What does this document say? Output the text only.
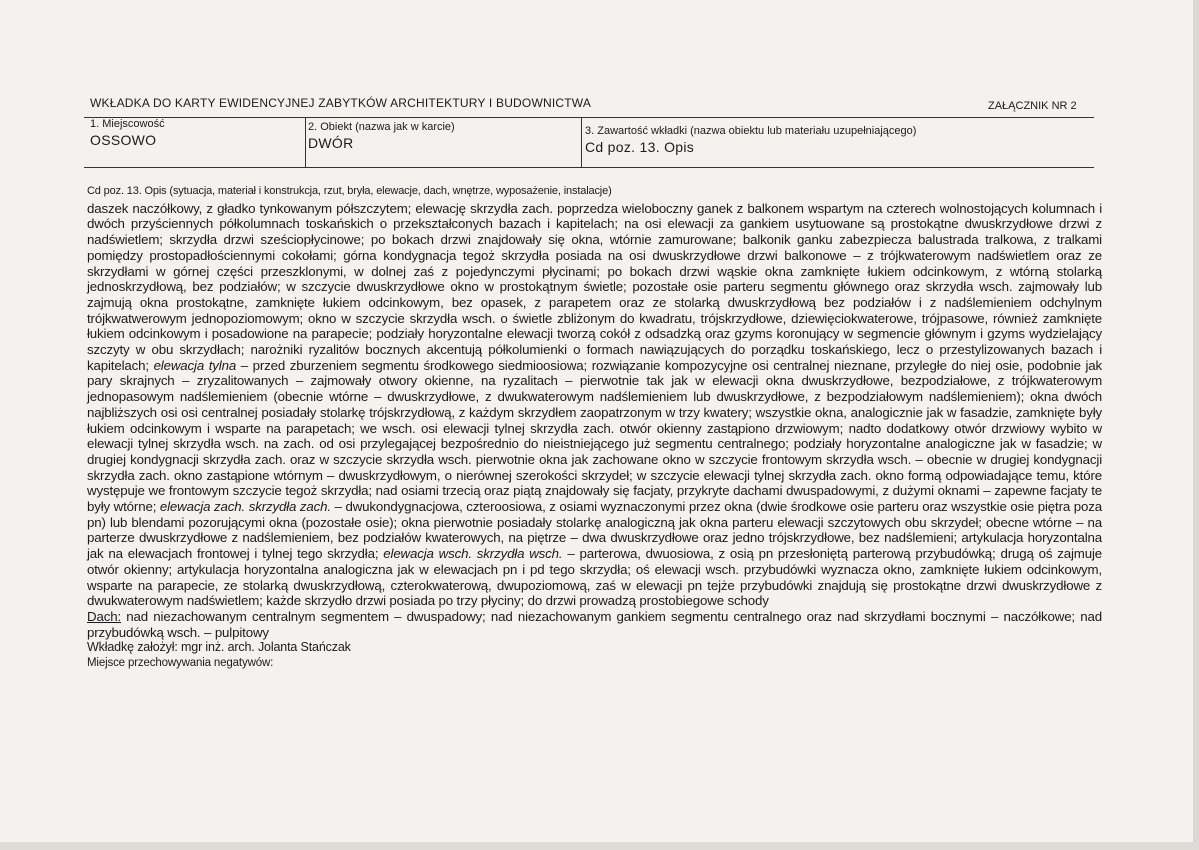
WKŁADKA DO KARTY EWIDENCYJNEJ ZABYTKÓW ARCHITEKTURY I BUDOWNICTWA	ZAŁĄCZNIK NR 2
1. Miejscowość
OSSOWO
2. Obiekt (nazwa jak w karcie)
DWÓR
3. Zawartość wkładki (nazwa obiektu lub materiału uzupełniającego)
Cd poz. 13. Opis
Cd poz. 13. Opis (sytuacja, materiał i konstrukcja, rzut, bryła, elewacje, dach, wnętrze, wyposażenie, instalacje)

daszek naczółkowy, z gładko tynkowanym półszczytem; elewację skrzydła zach. poprzedza wieloboczny ganek z balkonem wspartym na czterech wolnostojących kolumnach i dwóch przyściennych półkolumnach toskańskich o przekształconych bazach i kapitelach; na osi elewacji za gankiem usytuowane są prostokątne dwuskrzydłowe drzwi z nadświetlem; skrzydła drzwi sześciopłycinowe; po bokach drzwi znajdowały się okna, wtórnie zamurowane; balkonik ganku zabezpiecza balustrada tralkowa, z tralkami pomiędzy prostopadłościennymi cokołami; górna kondygnacja tegoż skrzydła posiada na osi dwuskrzydłowe drzwi balkonowe – z trójkwaterowym nadświetlem oraz ze skrzydłami w górnej części przeszklonymi, w dolnej zaś z pojedynczymi płycinami; po bokach drzwi wąskie okna zamknięte łukiem odcinkowym, z wtórną stolarką jednoskrzydłową, bez podziałów; w szczycie dwuskrzydłowe okno w prostokątnym świetle; pozostałe osie parteru segmentu głównego oraz skrzydła wsch. zajmowały lub zajmują okna prostokątne, zamknięte łukiem odcinkowym, bez opasek, z parapetem oraz ze stolarką dwuskrzydłową bez podziałów i z nadślemieniem odchylnym trójkwatwerowym jednopoziomowym; okno w szczycie skrzydła wsch. o świetle zbliżonym do kwadratu, trójskrzydłowe, dziewięciokwaterowe, trójpasowe, również zamknięte łukiem odcinkowym i posadowione na parapecie; podziały horyzontalne elewacji tworzą cokół z odsadzką oraz gzyms koronujący w segmencie głównym i gzyms wydzielający szczyty w obu skrzydłach; narożniki ryzalitów bocznych akcentują półkolumienki o formach nawiązujących do porządku toskańskiego, lecz o przestylizowanych bazach i kapitelach; elewacja tylna – przed zburzeniem segmentu środkowego siedmioosiowa; rozwiązanie kompozycyjne osi centralnej nieznane, przyległe do niej osie, podobnie jak pary skrajnych – zryzalitowanych – zajmowały otwory okienne, na ryzalitach – pierwotnie tak jak w elewacji okna dwuskrzydłowe, bezpodziałowe, z trójkwaterowym jednopasowym nadślemieniem (obecnie wtórne – dwuskrzydłowe, z dwukwaterowym nadślemieniem lub dwuskrzydłowe, z bezpodziałowym nadślemieniem); okna dwóch najbliższych osi osi centralnej posiadały stolarkę trójskrzydłową, z każdym skrzydłem zaopatrzonym w trzy kwatery; wszystkie okna, analogicznie jak w fasadzie, zamknięte były łukiem odcinkowym i wsparte na parapetach; we wsch. osi elewacji tylnej skrzydła zach. otwór okienny zastąpiono drzwiowym; nadto dodatkowy otwór drzwiowy wybito w elewacji tylnej skrzydła wsch. na zach. od osi przylegającej bezpośrednio do nieistniejącego już segmentu centralnego; podziały horyzontalne analogiczne jak w fasadzie; w drugiej kondygnacji skrzydła zach. oraz w szczycie skrzydła wsch. pierwotnie okna jak zachowane okno w szczycie frontowym skrzydła wsch. – obecnie w drugiej kondygnacji skrzydła zach. okno zastąpione wtórnym – dwuskrzydłowym, o nierównej szerokości skrzydeł; w szczycie elewacji tylnej skrzydła zach. okno formą odpowiadające temu, które występuje we frontowym szczycie tegoż skrzydła; nad osiami trzecią oraz piątą znajdowały się facjaty, przykryte dachami dwuspadowymi, z dużymi oknami – zapewne facjaty te były wtórne; elewacja zach. skrzydła zach. – dwukondygnacjowa, czteroosiowa, z osiami wyznaczonymi przez okna (dwie środkowe osie parteru oraz wszystkie osie piętra poza pn) lub blendami pozorującymi okna (pozostałe osie); okna pierwotnie posiadały stolarkę analogiczną jak okna parteru elewacji szczytowych obu skrzydeł; obecne wtórne – na parterze dwuskrzydłowe z nadślemieniem, bez podziałów kwaterowych, na piętrze – dwa dwuskrzydłowe oraz jedno trójskrzydłowe, bez nadślemieni; artykulacja horyzontalna jak na elewacjach frontowej i tylnej tego skrzydła; elewacja wsch. skrzydła wsch. – parterowa, dwuosiowa, z osią pn przesłoniętą parterową przybudówką; drugą oś zajmuje otwór okienny; artykulacja horyzontalna analogiczna jak w elewacjach pn i pd tego skrzydła; oś elewacji wsch. przybudówki wyznacza okno, zamknięte łukiem odcinkowym, wsparte na parapecie, ze stolarką dwuskrzydłową, czterokwaterową, dwupoziomową, zaś w elewacji pn tejże przybudówki znajdują się prostokątne drzwi dwuskrzydłowe z dwukwaterowym nadświetlem; każde skrzydło drzwi posiada po trzy płyciny; do drzwi prowadzą prostobiegowe schody

Dach: nad niezachowanym centralnym segmentem – dwuspadowy; nad niezachowanym gankiem segmentu centralnego oraz nad skrzydłami bocznymi – naczółkowe; nad przybudówką wsch. – pulpitowy

Wkładkę założył: mgr inż. arch. Jolanta Stańczak

Miejsce przechowywania negatywów:
